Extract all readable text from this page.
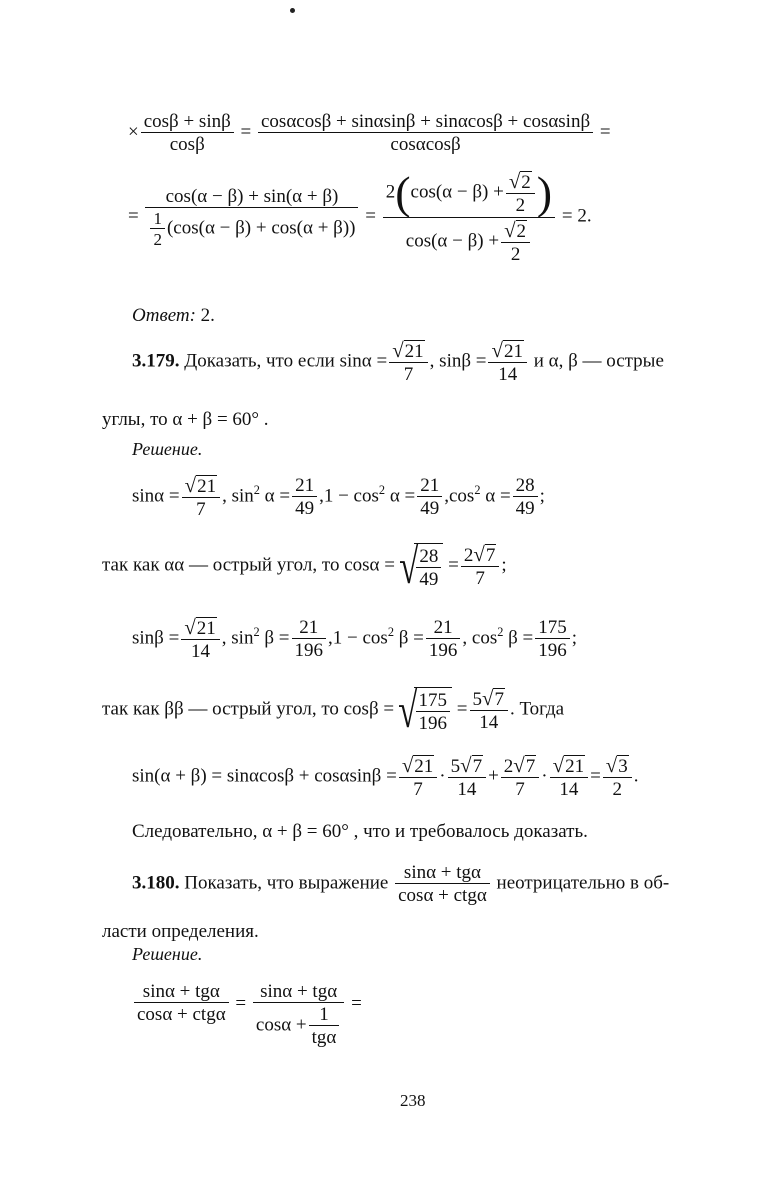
× $\frac{\cos\beta + \sin\beta}{\cos\beta} = \frac{\cos\alpha\cos\beta + \sin\alpha\sin\beta + \sin\alpha\cos\beta + \cos\alpha\sin\beta}{\cos\alpha\cos\beta}$ =
= $\frac{\cos(\alpha - \beta) + \sin(\alpha + \beta)}{\frac{1}{2} (\cos(\alpha - \beta) + \cos(\alpha + \beta))} = \frac{2(\cos(\alpha - \beta) + \frac{√2}{2} )}{\cos(\alpha - \beta) + \frac{√2}{2}} = 2$.
Ответ: 2.
3.179. Доказать, что если $\sin\alpha = \frac{√21}{7}$ , $\sin\beta = \frac{√21}{14}$ и α, β — острые
углы, то α + β = 60° .
Решение.
$\sin\alpha = \frac{√21}{7}$ , $\sin^2 \alpha = \frac{21}{49} ,1 - \cos^2 \alpha = \frac{21}{49} ,\cos^2$ $\alpha = \frac{28}{49}$ ;
так как αα — острый угол, то cosα =√
$\frac{28}{49} = \frac{2√7}{7}$ ;
$\sin\beta = \frac{√21}{14}$ , $\sin^2 \beta = \frac{21}{196} ,1 - \cos^2 \beta = \frac{21}{196}$ , $\cos^2 \beta = \frac{175}{196}$ ;
так как ββ — острый угол, то cosβ =√
$\frac{175}{196} = \frac{5√7}{14}$ . Тогда
$\sin(\alpha + \beta) = \sin\alpha\cos\beta + \cos\alpha\sin\beta = \frac{√21}{7} \cdot \frac{5√7}{14} + \frac{2√7}{7} \cdot \frac{√21}{14} = \frac{√3}{2}$ .
Следовательно, α + β = 60° , что и требовалось доказать.
3.180. Показать, что выражение $\frac{\text{sinα + tgα}}{\text{cosα + ctgα}}$ неотрицательно в об-
ласти определения.
Решение.
$\frac{\text{sinα + tgα}}{\text{cosα + ctgα}} = \frac{\text{sinα + tgα}}{\cos\alpha + \frac{1}{\text{tgα}}}$ =
238
